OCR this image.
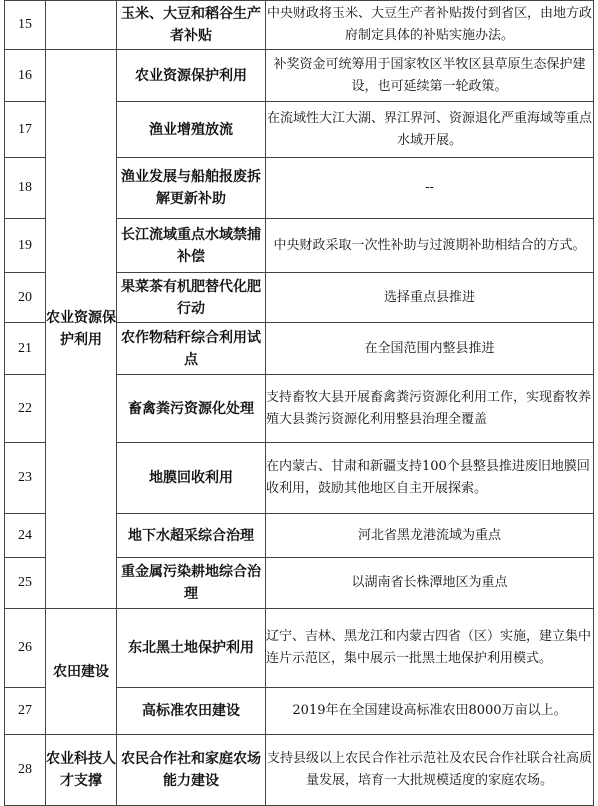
15		玉米、大豆和稻谷生产者补贴	中央财政将玉米、大豆生产者补贴拨付到省区，由地方政府制定具体的补贴实施办法。
16	农业资源保护利用	农业资源保护利用	补奖资金可统筹用于国家牧区半牧区县草原生态保护建设，也可延续第一轮政策。
17		渔业增殖放流	在流域性大江大湖、界江界河、资源退化严重海域等重点水域开展。
18		渔业发展与船舶报废拆解更新补助	--
19		长江流域重点水域禁捕补偿	中央财政采取一次性补助与过渡期补助相结合的方式。
20		果菜茶有机肥替代化肥行动	选择重点县推进
21		农作物秸秆综合利用试点	在全国范围内整县推进
22		畜禽粪污资源化处理	支持畜牧大县开展畜禽粪污资源化利用工作，实现畜牧养殖大县粪污资源化利用整县治理全覆盖
23		地膜回收利用	在内蒙古、甘肃和新疆支持100个县整县推进废旧地膜回收利用，鼓励其他地区自主开展探索。
24		地下水超采综合治理	河北省黑龙港流域为重点
25		重金属污染耕地综合治理	以湖南省长株潭地区为重点
26	农田建设	东北黑土地保护利用	辽宁、吉林、黑龙江和内蒙古四省（区）实施，建立集中连片示范区，集中展示一批黑土地保护利用模式。
27		高标准农田建设	2019年在全国建设高标准农田8000万亩以上。
28	农业科技人才支撑	农民合作社和家庭农场能力建设	支持县级以上农民合作社示范社及农民合作社联合社高质量发展，培育一大批规模适度的家庭农场。
